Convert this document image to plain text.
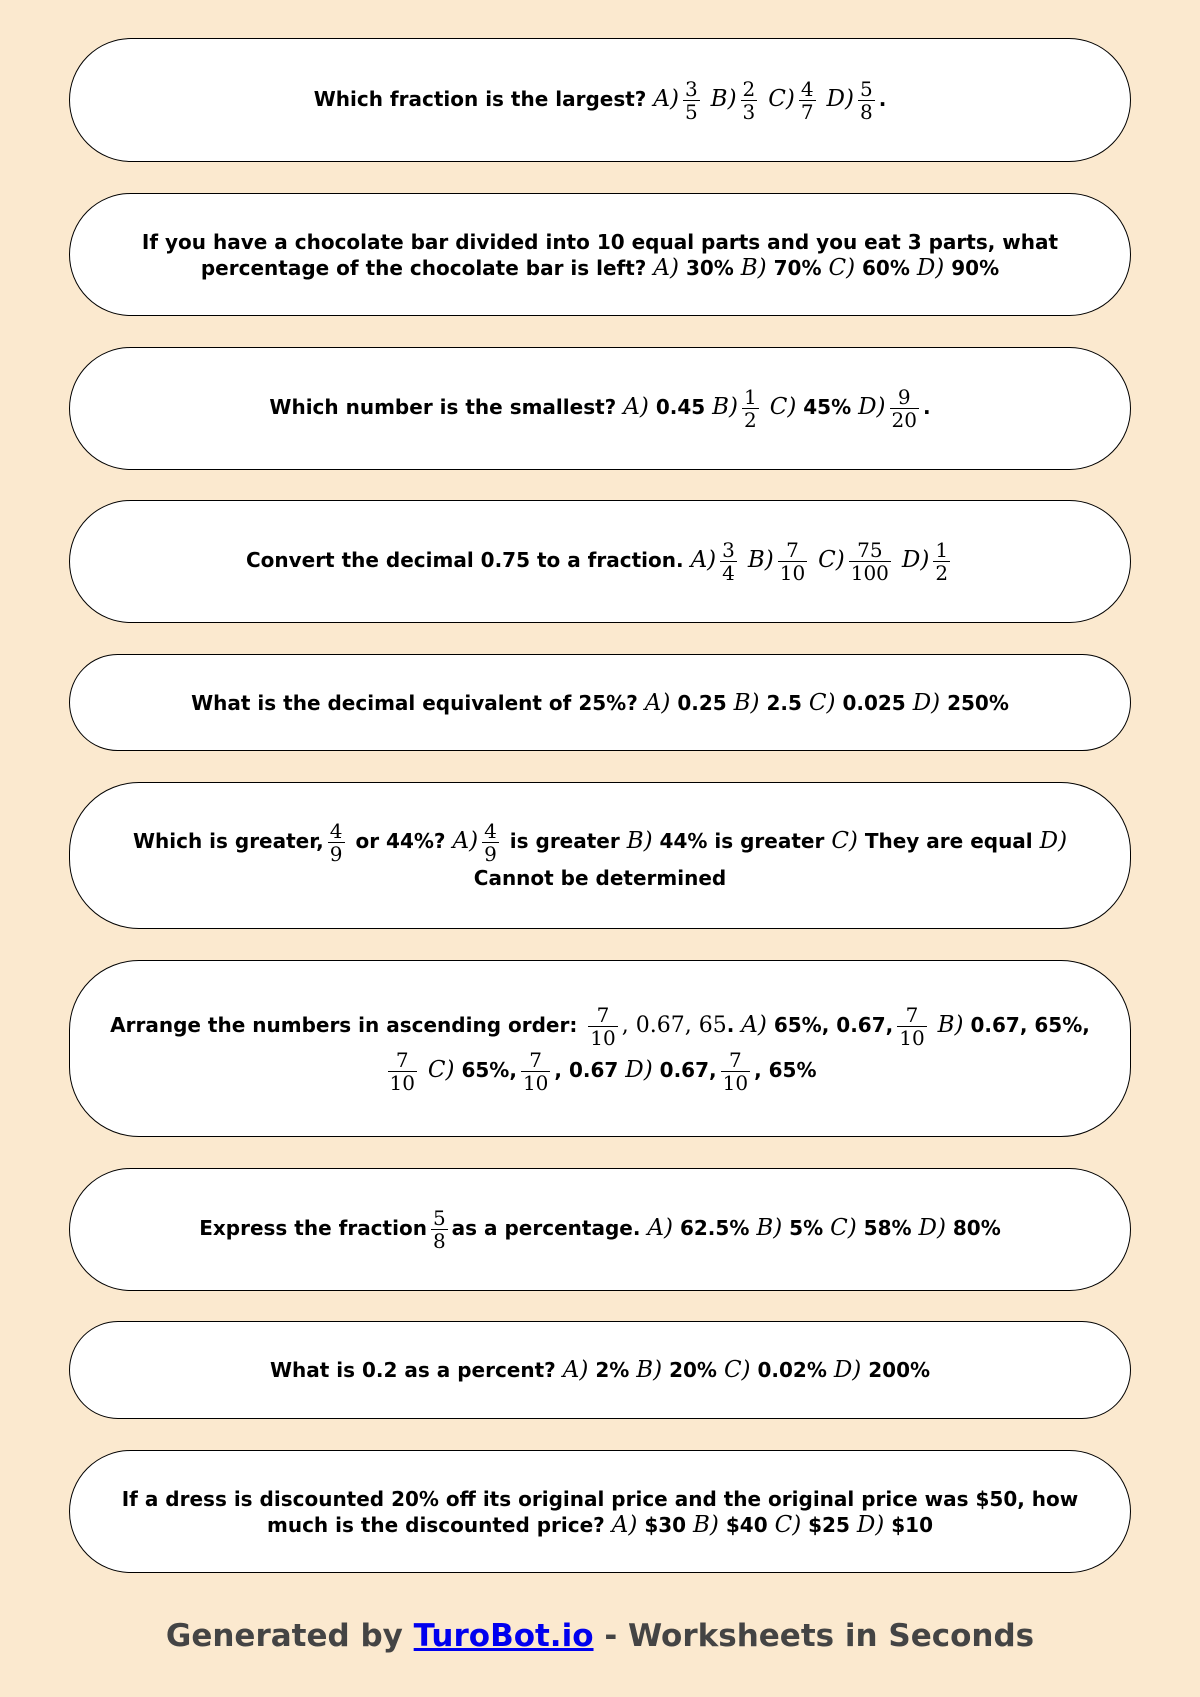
Which fraction is the largest? $A) \frac{3}{5} B) \frac{2}{3} C) \frac{4}{7} D) \frac{5}{8}$ .
If you have a chocolate bar divided into 10 equal parts and you eat 3 parts, what
percentage of the chocolate bar is left? A) 30% B) 70% C) 60% D) 90%
Which number is the smallest? A) 0.45 $B) \frac{1}{2} C$) 45% $D) \frac{9}{20}$ .
Convert the decimal 0.75 to a fraction. $A) \frac{3}{4} B) \frac{7}{10} C) \frac{75}{100} D) \frac{1}{2}$
What is the decimal equivalent of 25%? A) 0.25 B) 2.5 C) 0.025 D) 250%
Which is greater, $\frac{4}{9}$ or 44%? $A) \frac{4}{9}$ is greater B) 44% is greater C) They are equal D)
Cannot be determined
Arrange the numbers in ascending order: $\frac{7}{10}$ , 0.67, 65. A) 65%, 0.67, $\frac{7}{10} B$) 0.67, 65%,

$\frac{7}{10} C$) 65%, $\frac{7}{10}$ , 0.67 D) 0.67, $\frac{7}{10}$ , 65%
Express the fraction $\frac{5}{8}$ as a percentage. A) 62.5% B) 5% C) 58% D) 80%
What is 0.2 as a percent? A) 2% B) 20% C) 0.02% D) 200%
If a dress is discounted 20% off its original price and the original price was $50, how
much is the discounted price? A) $30 B) $40 C) $25 D) $10
Generated by TuroBot.io - Worksheets in Seconds
